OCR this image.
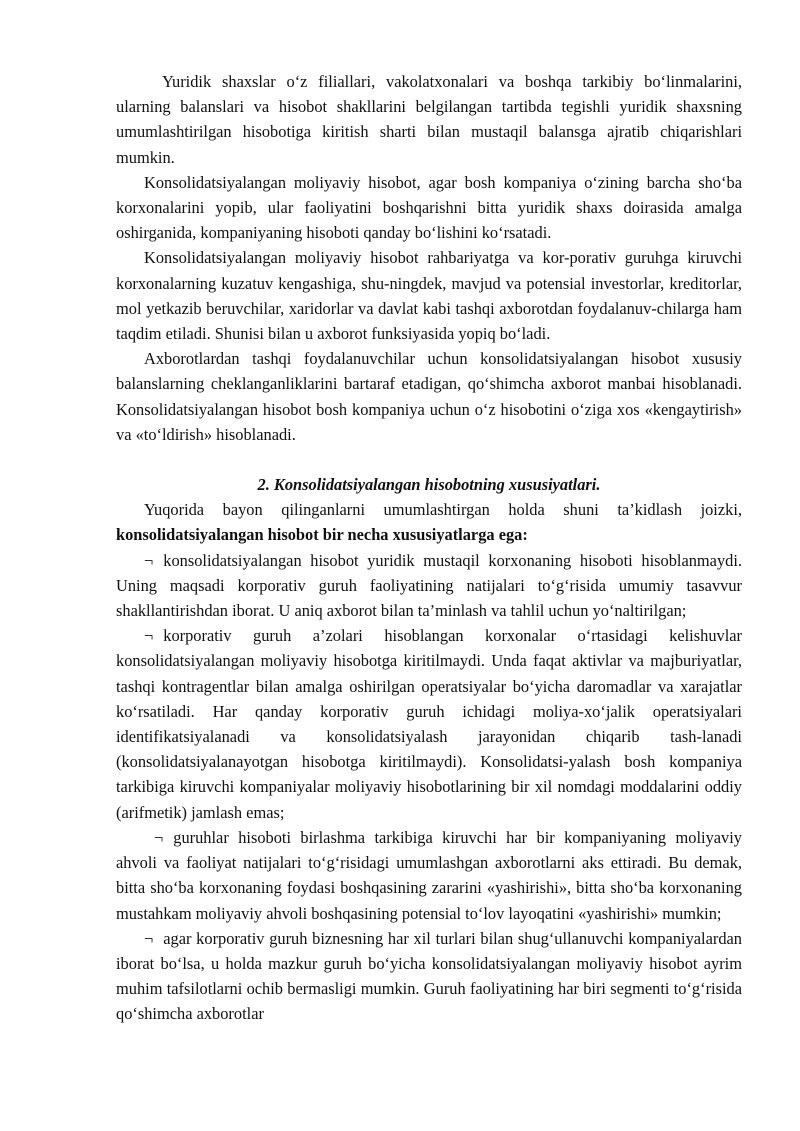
Yuridik shaxslar o‘z filiallari, vakolatxonalari va boshqa tarkibiy bo‘linmalarini, ularning balanslari va hisobot shakllarini belgilangan tartibda tegishli yuridik shaxsning umumlashtirilgan hisobotiga kiritish sharti bilan mustaqil balansga ajratib chiqarishlari mumkin.

Konsolidatsiyalangan moliyaviy hisobot, agar bosh kompaniya o‘zining barcha sho‘ba korxonalarini yopib, ular faoliyatini boshqarishni bitta yuridik shaxs doirasida amalga oshirganida, kompaniyaning hisoboti qanday bo‘lishini ko‘rsatadi.

Konsolidatsiyalangan moliyaviy hisobot rahbariyatga va kor-porativ guruhga kiruvchi korxonalarning kuzatuv kengashiga, shu-ningdek, mavjud va potensial investorlar, kreditorlar, mol yetkazib beruvchilar, xaridorlar va davlat kabi tashqi axborotdan foydalanuv-chilarga ham taqdim etiladi. Shunisi bilan u axborot funksiyasida yopiq bo‘ladi.

Axborotlardan tashqi foydalanuvchilar uchun konsolidatsiyalangan hisobot xususiy balanslarning cheklanganliklarini bartaraf etadigan, qo‘shimcha axborot manbai hisoblanadi. Konsolidatsiyalangan hisobot bosh kompaniya uchun o‘z hisobotini o‘ziga xos «kengaytirish» va «to‘ldirish» hisoblanadi.

2. Konsolidatsiyalangan hisobotning xususiyatlari.

Yuqorida bayon qilinganlarni umumlashtirgan holda shuni ta’kidlash joizki, konsolidatsiyalangan hisobot bir necha xususiyatlarga ega:

¬ konsolidatsiyalangan hisobot yuridik mustaqil korxonaning hisoboti hisoblanmaydi. Uning maqsadi korporativ guruh faoliyatining natijalari to‘g‘risida umumiy tasavvur shakllantirishdan iborat. U aniq axborot bilan ta’minlash va tahlil uchun yo‘naltirilgan;

¬ korporativ guruh a’zolari hisoblangan korxonalar o‘rtasidagi kelishuvlar konsolidatsiyalangan moliyaviy hisobotga kiritilmaydi. Unda faqat aktivlar va majburiyatlar, tashqi kontragentlar bilan amalga oshirilgan operatsiyalar bo‘yicha daromadlar va xarajatlar ko‘rsatiladi. Har qanday korporativ guruh ichidagi moliya-xo‘jalik operatsiyalari identifikatsiyalanadi va konsolidatsiyalash jarayonidan chiqarib tash-lanadi (konsolidatsiyalanayotgan hisobotga kiritilmaydi). Konsolidatsi-yalash bosh kompaniya tarkibiga kiruvchi kompaniyalar moliyaviy hisobotlarining bir xil nomdagi moddalarini oddiy (arifmetik) jamlash emas;

¬ guruhlar hisoboti birlashma tarkibiga kiruvchi har bir kompaniyaning moliyaviy ahvoli va faoliyat natijalari to‘g‘risidagi umumlashgan axborotlarni aks ettiradi. Bu demak, bitta sho‘ba korxonaning foydasi boshqasining zararini «yashirishi», bitta sho‘ba korxonaning mustahkam moliyaviy ahvoli boshqasining potensial to‘lov layoqatini «yashirishi» mumkin;

¬ agar korporativ guruh biznesning har xil turlari bilan shug‘ullanuvchi kompaniyalardan iborat bo‘lsa, u holda mazkur guruh bo‘yicha konsolidatsiyalangan moliyaviy hisobot ayrim muhim tafsilotlarni ochib bermasligi mumkin. Guruh faoliyatining har biri segmenti to‘g‘risida qo‘shimcha axborotlar
